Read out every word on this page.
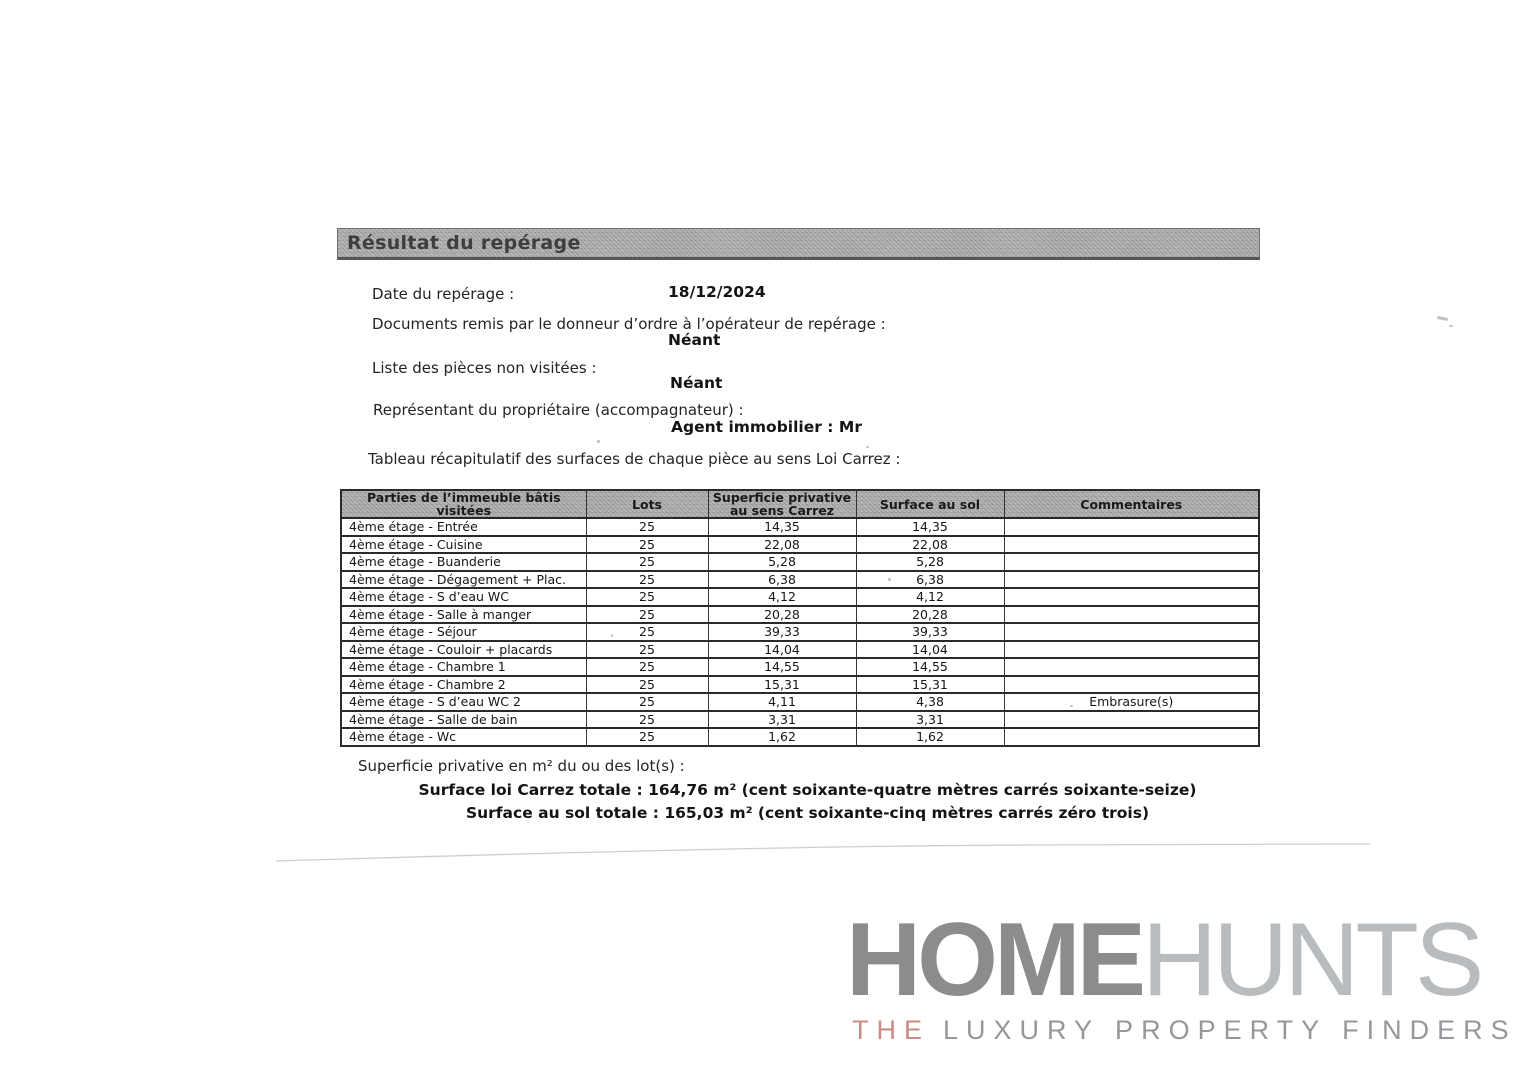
Résultat du repérage
Date du repérage :	18/12/2024
Documents remis par le donneur d’ordre à l’opérateur de repérage :
Néant
Liste des pièces non visitées :
Néant
Représentant du propriétaire (accompagnateur) :
Agent immobilier : Mr
Tableau récapitulatif des surfaces de chaque pièce au sens Loi Carrez :
Parties de l’immeuble bâtis visitées	Lots	Superficie privative au sens Carrez	Surface au sol	Commentaires
4ème étage - Entrée	25	14,35	14,35	
4ème étage - Cuisine	25	22,08	22,08	
4ème étage - Buanderie	25	5,28	5,28	
4ème étage - Dégagement + Plac.	25	6,38	6,38	
4ème étage - S d’eau WC	25	4,12	4,12	
4ème étage - Salle à manger	25	20,28	20,28	
4ème étage - Séjour	25	39,33	39,33	
4ème étage - Couloir + placards	25	14,04	14,04	
4ème étage - Chambre 1	25	14,55	14,55	
4ème étage - Chambre 2	25	15,31	15,31	
4ème étage - S d’eau WC 2	25	4,11	4,38	Embrasure(s)
4ème étage - Salle de bain	25	3,31	3,31	
4ème étage - Wc	25	1,62	1,62	
Superficie privative en m² du ou des lot(s) :
Surface loi Carrez totale : 164,76 m² (cent soixante-quatre mètres carrés soixante-seize)
Surface au sol totale : 165,03 m² (cent soixante-cinq mètres carrés zéro trois)
HOMEHUNTS
THE LUXURY PROPERTY FINDERS
